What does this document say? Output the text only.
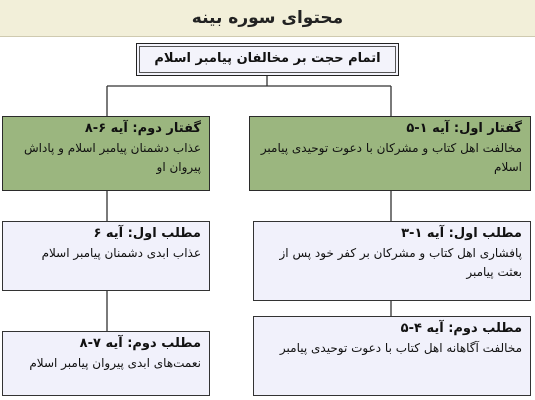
محتوای سوره بینه
اتمام حجت بر مخالفان پیامبر اسلام
گفتار اول: آیه ۱-۵
مخالفت اهل کتاب و مشرکان با دعوت توحیدی پیامبر اسلام
گفتار دوم: آیه ۶-۸
عذاب دشمنان پیامبر اسلام و پاداش پیروان او
مطلب اول: آیه ۱-۳
پافشاری اهل کتاب و مشرکان بر کفر خود پس از بعثت پیامبر
مطلب دوم: آیه ۴-۵
مخالفت آگاهانه اهل کتاب با دعوت توحیدی پیامبر
مطلب اول: آیه ۶
عذاب ابدی دشمنان پیامبر اسلام
مطلب دوم: آیه ۷-۸
نعمت‌های ابدی پیروان پیامبر اسلام
